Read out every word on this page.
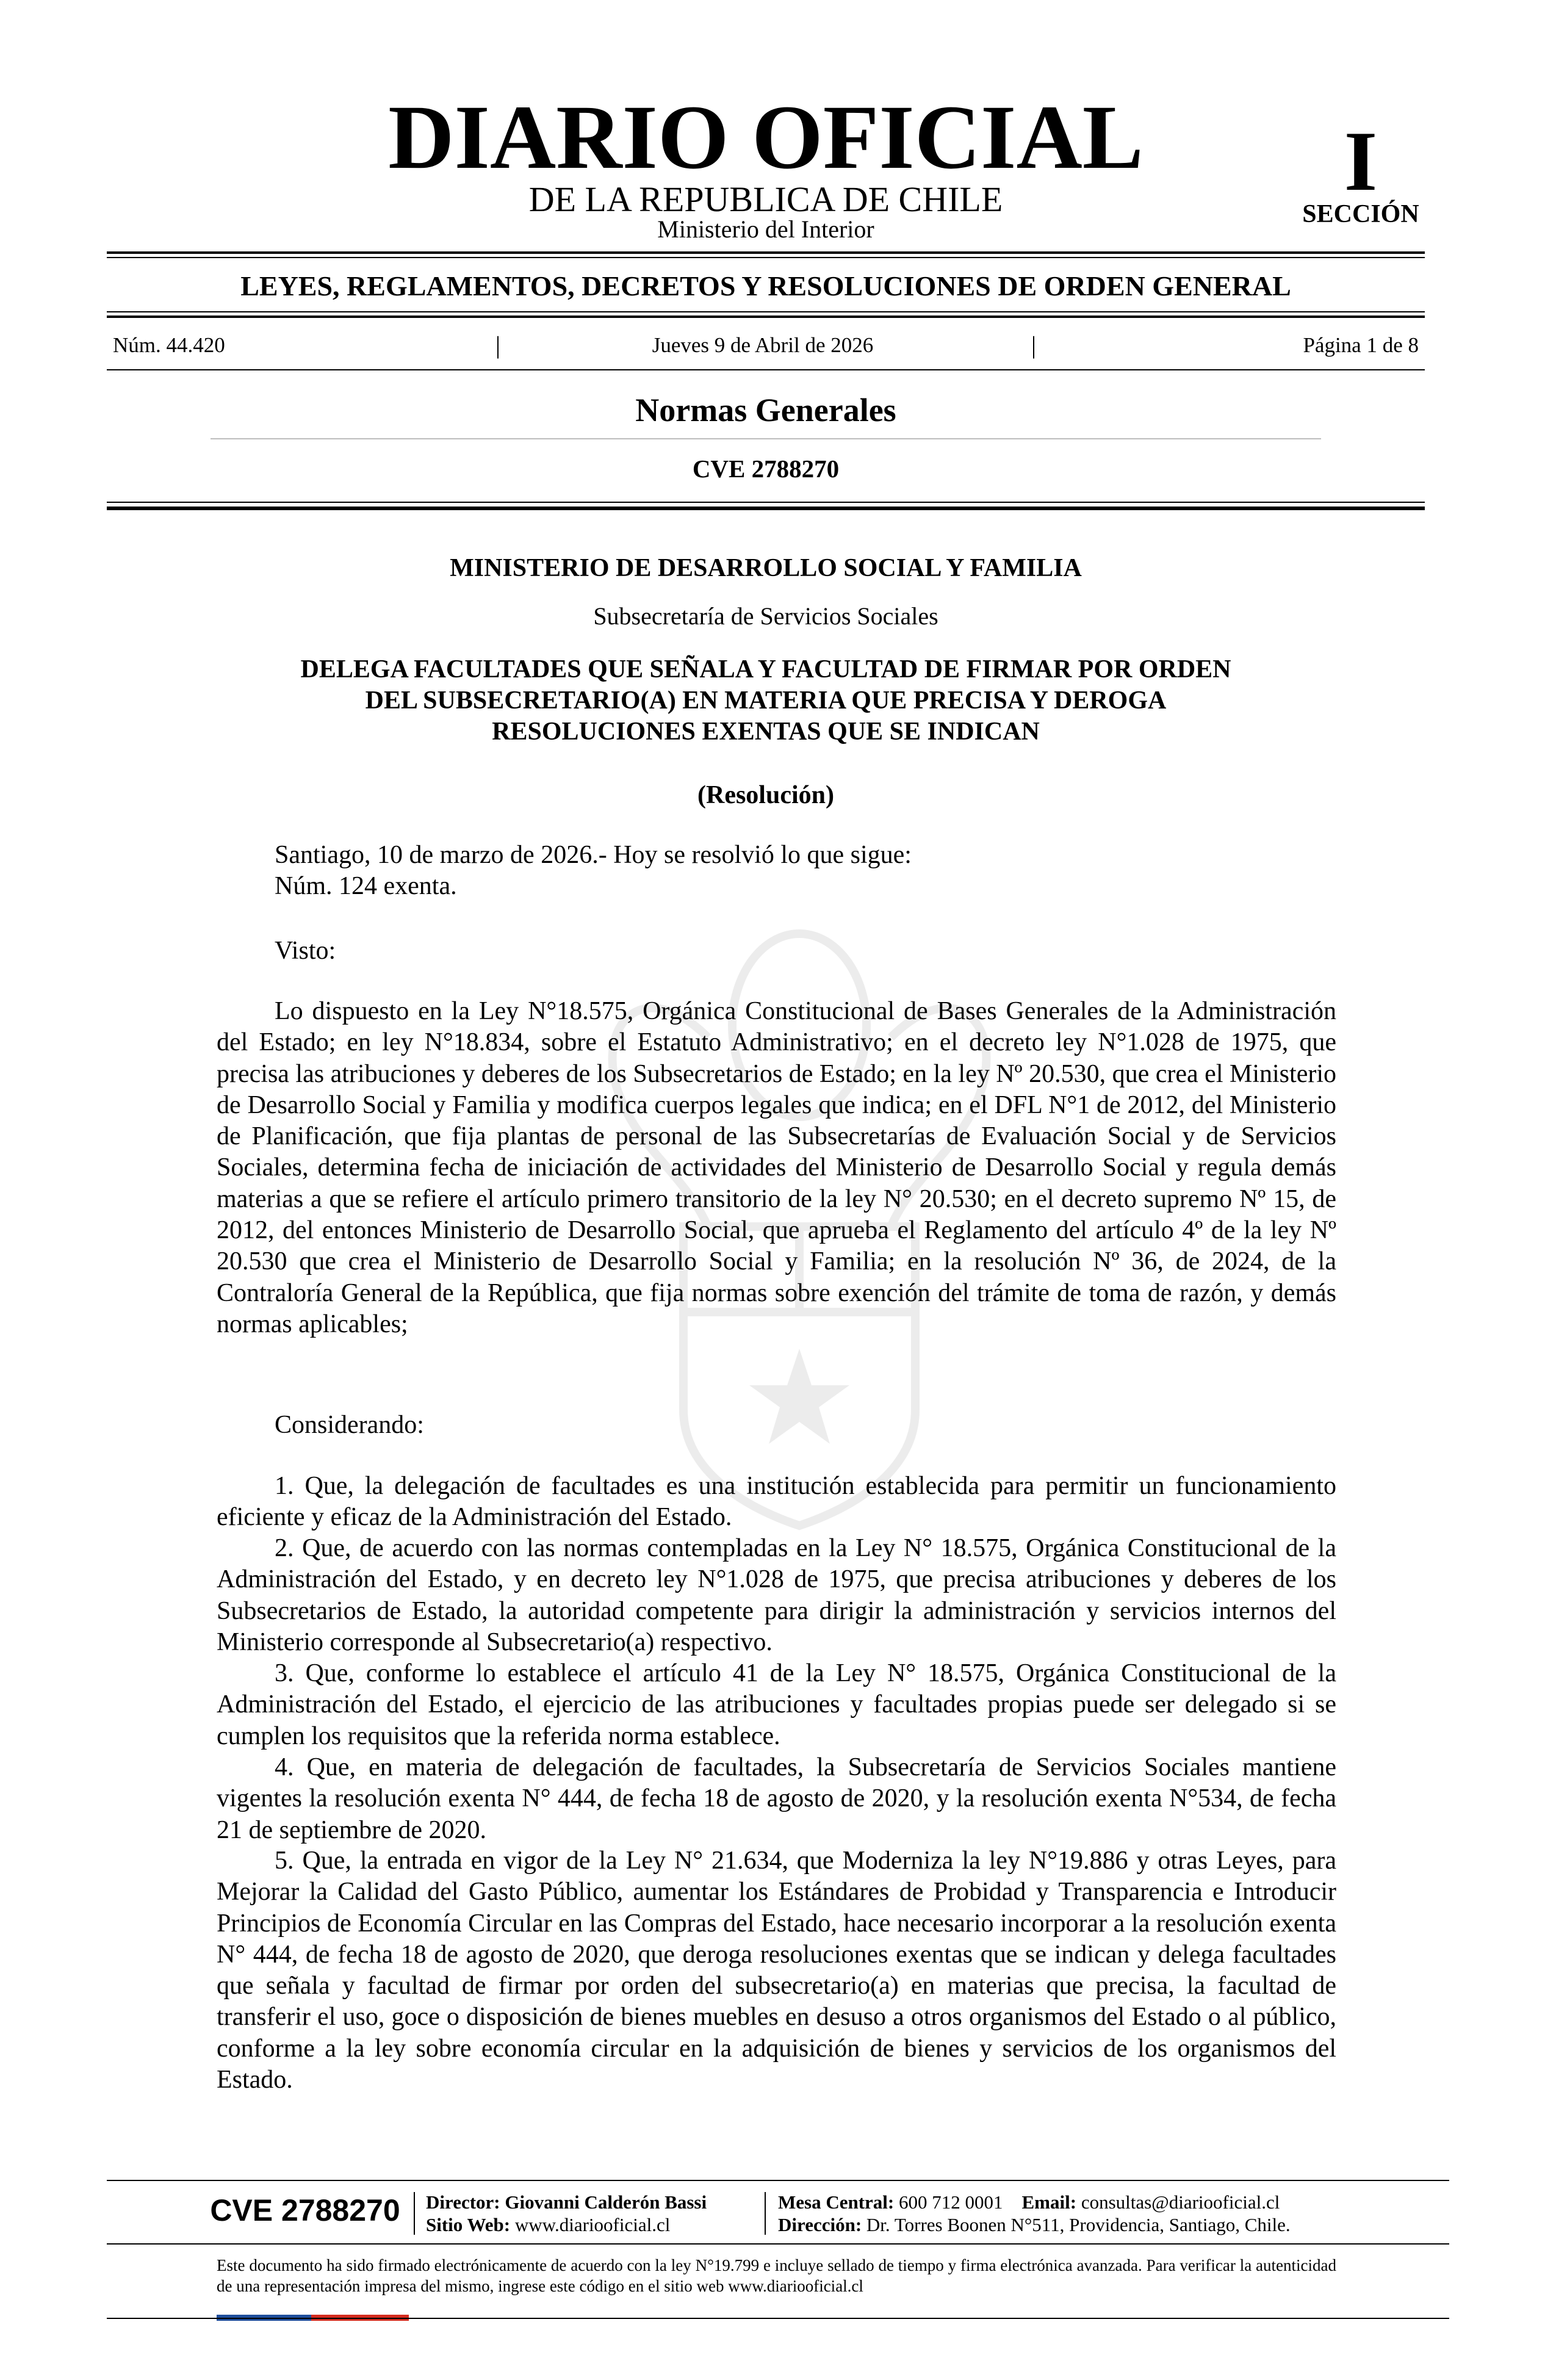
DIARIO OFICIAL
DE LA REPUBLICA DE CHILE
Ministerio del Interior
I
SECCIÓN
LEYES, REGLAMENTOS, DECRETOS Y RESOLUCIONES DE ORDEN GENERAL
Núm. 44.420	|	Jueves 9 de Abril de 2026	|	Página 1 de 8
Normas Generales
CVE 2788270
MINISTERIO DE DESARROLLO SOCIAL Y FAMILIA
Subsecretaría de Servicios Sociales
DELEGA FACULTADES QUE SEÑALA Y FACULTAD DE FIRMAR POR ORDEN
DEL SUBSECRETARIO(A) EN MATERIA QUE PRECISA Y DEROGA
RESOLUCIONES EXENTAS QUE SE INDICAN
(Resolución)
Santiago, 10 de marzo de 2026.- Hoy se resolvió lo que sigue:
Núm. 124 exenta.
Visto:
Lo dispuesto en la Ley N°18.575, Orgánica Constitucional de Bases Generales de la Administración del Estado; en ley N°18.834, sobre el Estatuto Administrativo; en el decreto ley N°1.028 de 1975, que precisa las atribuciones y deberes de los Subsecretarios de Estado; en la ley Nº 20.530, que crea el Ministerio de Desarrollo Social y Familia y modifica cuerpos legales que indica; en el DFL N°1 de 2012, del Ministerio de Planificación, que fija plantas de personal de las Subsecretarías de Evaluación Social y de Servicios Sociales, determina fecha de iniciación de actividades del Ministerio de Desarrollo Social y regula demás materias a que se refiere el artículo primero transitorio de la ley N° 20.530; en el decreto supremo Nº 15, de 2012, del entonces Ministerio de Desarrollo Social, que aprueba el Reglamento del artículo 4º de la ley Nº 20.530 que crea el Ministerio de Desarrollo Social y Familia; en la resolución Nº 36, de 2024, de la Contraloría General de la República, que fija normas sobre exención del trámite de toma de razón, y demás normas aplicables;
Considerando:
1. Que, la delegación de facultades es una institución establecida para permitir un funcionamiento eficiente y eficaz de la Administración del Estado.
2. Que, de acuerdo con las normas contempladas en la Ley N° 18.575, Orgánica Constitucional de la Administración del Estado, y en decreto ley N°1.028 de 1975, que precisa atribuciones y deberes de los Subsecretarios de Estado, la autoridad competente para dirigir la administración y servicios internos del Ministerio corresponde al Subsecretario(a) respectivo.
3. Que, conforme lo establece el artículo 41 de la Ley N° 18.575, Orgánica Constitucional de la Administración del Estado, el ejercicio de las atribuciones y facultades propias puede ser delegado si se cumplen los requisitos que la referida norma establece.
4. Que, en materia de delegación de facultades, la Subsecretaría de Servicios Sociales mantiene vigentes la resolución exenta N° 444, de fecha 18 de agosto de 2020, y la resolución exenta N°534, de fecha 21 de septiembre de 2020.
5. Que, la entrada en vigor de la Ley N° 21.634, que Moderniza la ley N°19.886 y otras Leyes, para Mejorar la Calidad del Gasto Público, aumentar los Estándares de Probidad y Transparencia e Introducir Principios de Economía Circular en las Compras del Estado, hace necesario incorporar a la resolución exenta N° 444, de fecha 18 de agosto de 2020, que deroga resoluciones exentas que se indican y delega facultades que señala y facultad de firmar por orden del subsecretario(a) en materias que precisa, la facultad de transferir el uso, goce o disposición de bienes muebles en desuso a otros organismos del Estado o al público, conforme a la ley sobre economía circular en la adquisición de bienes y servicios de los organismos del Estado.
CVE 2788270 Director: Giovanni Calderón Bassi
Sitio Web: www.diariooficial.cl
Mesa Central: 600 712 0001 Email: consultas@diariooficial.cl
Dirección: Dr. Torres Boonen N°511, Providencia, Santiago, Chile.
Este documento ha sido firmado electrónicamente de acuerdo con la ley N°19.799 e incluye sellado de tiempo y firma electrónica avanzada. Para verificar la autenticidad de una representación impresa del mismo, ingrese este código en el sitio web www.diariooficial.cl
